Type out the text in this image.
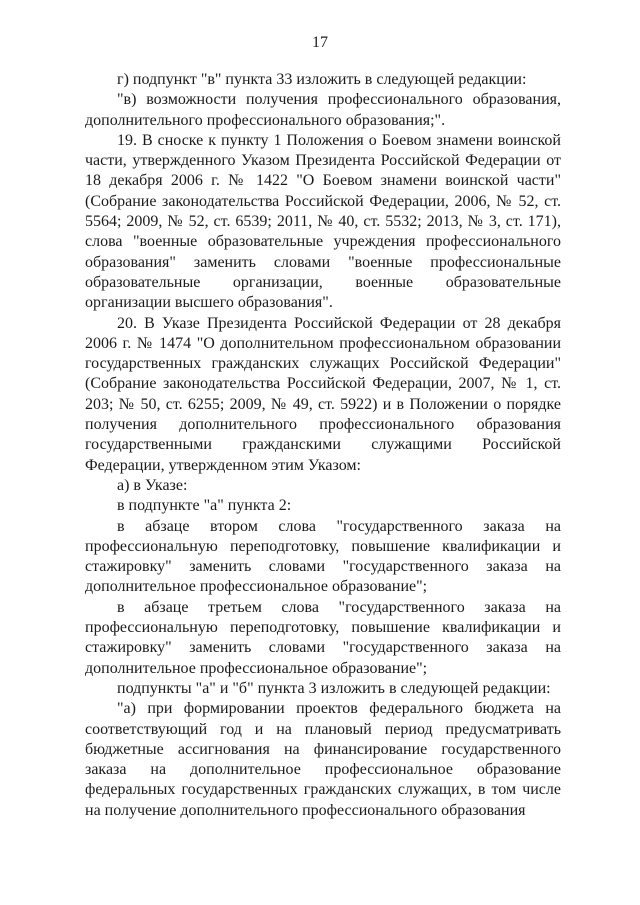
17

г) подпункт "в" пункта 33 изложить в следующей редакции:

"в) возможности получения профессионального образования, дополнительного профессионального образования;".

19. В сноске к пункту 1 Положения о Боевом знамени воинской части, утвержденного Указом Президента Российской Федерации от 18 декабря 2006 г. № 1422 "О Боевом знамени воинской части" (Собрание законодательства Российской Федерации, 2006, № 52, ст. 5564; 2009, № 52, ст. 6539; 2011, № 40, ст. 5532; 2013, № 3, ст. 171), слова "военные образовательные учреждения профессионального образования" заменить словами "военные профессиональные образовательные организации, военные образовательные организации высшего образования".

20. В Указе Президента Российской Федерации от 28 декабря 2006 г. № 1474 "О дополнительном профессиональном образовании государственных гражданских служащих Российской Федерации" (Собрание законодательства Российской Федерации, 2007, № 1, ст. 203; № 50, ст. 6255; 2009, № 49, ст. 5922) и в Положении о порядке получения дополнительного профессионального образования государственными гражданскими служащими Российской Федерации, утвержденном этим Указом:

а) в Указе:

в подпункте "а" пункта 2:

в абзаце втором слова "государственного заказа на профессиональную переподготовку, повышение квалификации и стажировку" заменить словами "государственного заказа на дополнительное профессиональное образование";

в абзаце третьем слова "государственного заказа на профессиональную переподготовку, повышение квалификации и стажировку" заменить словами "государственного заказа на дополнительное профессиональное образование";

подпункты "а" и "б" пункта 3 изложить в следующей редакции:

"а) при формировании проектов федерального бюджета на соответствующий год и на плановый период предусматривать бюджетные ассигнования на финансирование государственного заказа на дополнительное профессиональное образование федеральных государственных гражданских служащих, в том числе на получение дополнительного профессионального образования
